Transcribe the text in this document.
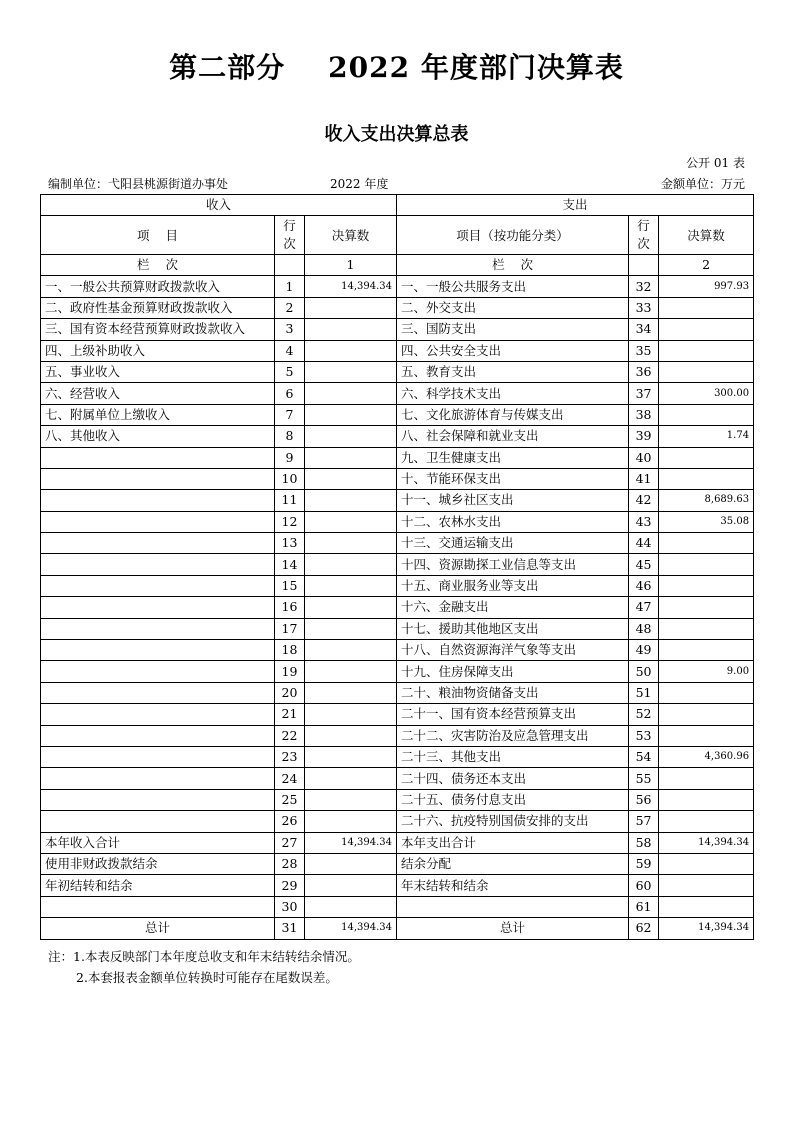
第二部分    2022 年度部门决算表
收入支出决算总表
公开 01 表
编制单位：弋阳县桃源街道办事处	2022 年度	金额单位：万元
收入			支出		
项    目	行次	决算数	项目（按功能分类）	行次	决算数
栏    次		1	栏    次		2
一、一般公共预算财政拨款收入	1	14,394.34	一、一般公共服务支出	32	997.93
二、政府性基金预算财政拨款收入	2		二、外交支出	33	
三、国有资本经营预算财政拨款收入	3		三、国防支出	34	
四、上级补助收入	4		四、公共安全支出	35	
五、事业收入	5		五、教育支出	36	
六、经营收入	6		六、科学技术支出	37	300.00
七、附属单位上缴收入	7		七、文化旅游体育与传媒支出	38	
八、其他收入	8		八、社会保障和就业支出	39	1.74
	9		九、卫生健康支出	40	
	10		十、节能环保支出	41	
	11		十一、城乡社区支出	42	8,689.63
	12		十二、农林水支出	43	35.08
	13		十三、交通运输支出	44	
	14		十四、资源勘探工业信息等支出	45	
	15		十五、商业服务业等支出	46	
	16		十六、金融支出	47	
	17		十七、援助其他地区支出	48	
	18		十八、自然资源海洋气象等支出	49	
	19		十九、住房保障支出	50	9.00
	20		二十、粮油物资储备支出	51	
	21		二十一、国有资本经营预算支出	52	
	22		二十二、灾害防治及应急管理支出	53	
	23		二十三、其他支出	54	4,360.96
	24		二十四、债务还本支出	55	
	25		二十五、债务付息支出	56	
	26		二十六、抗疫特别国债安排的支出	57	
本年收入合计	27	14,394.34	本年支出合计	58	14,394.34
使用非财政拨款结余	28		结余分配	59	
年初结转和结余	29		年末结转和结余	60	
	30			61	
总计	31	14,394.34	总计	62	14,394.34
注：1.本表反映部门本年度总收支和年末结转结余情况。
2.本套报表金额单位转换时可能存在尾数误差。
